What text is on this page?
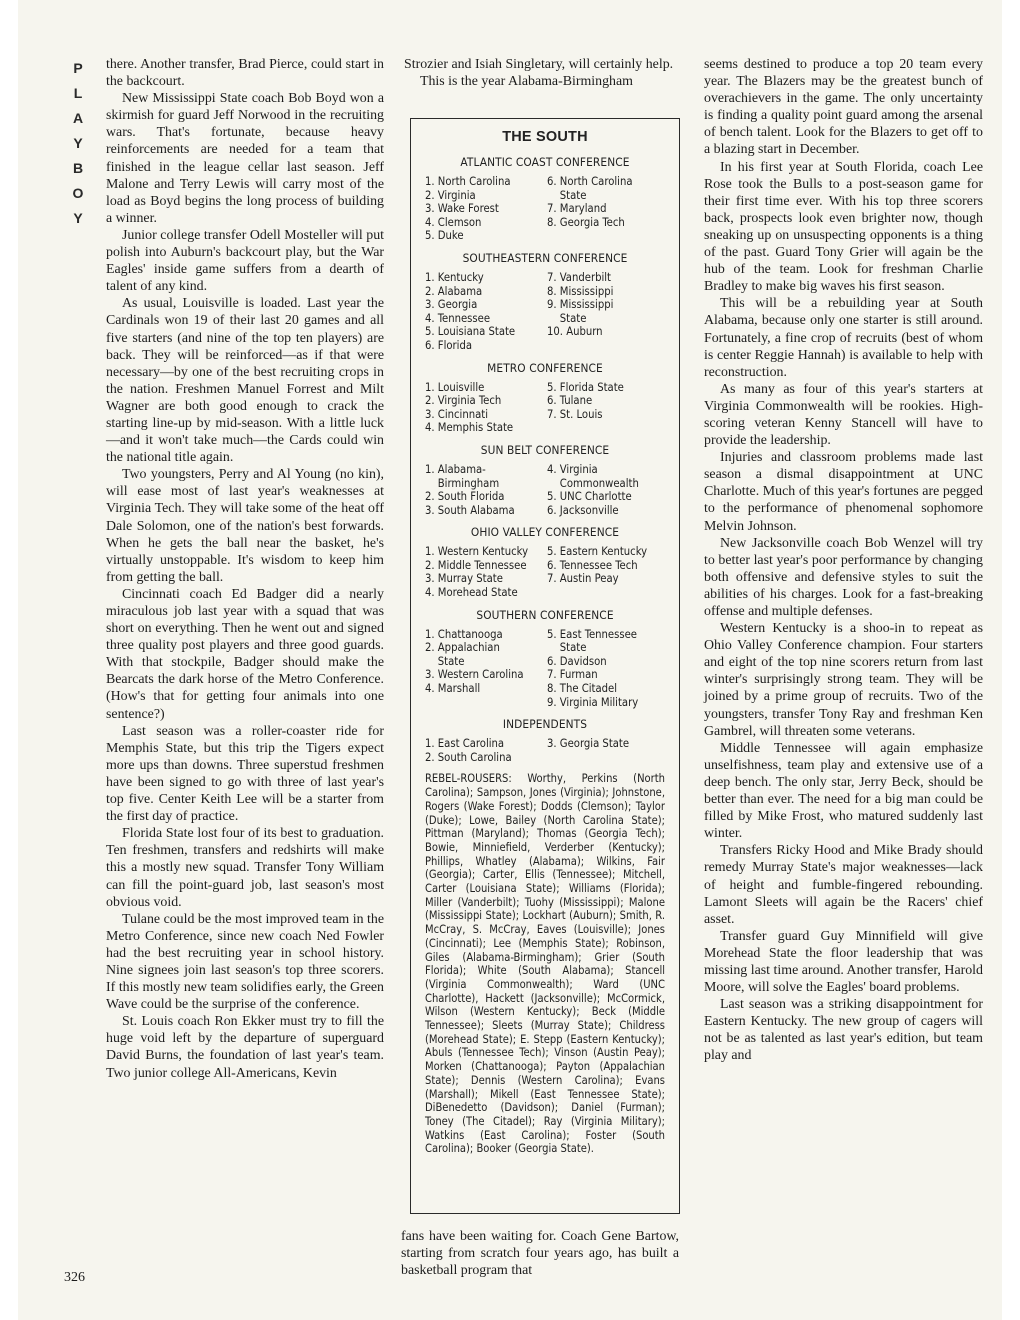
P
L
A
Y
B
O
Y

there. Another transfer, Brad Pierce, could start in the backcourt.

New Mississippi State coach Bob Boyd won a skirmish for guard Jeff Norwood in the recruiting wars. That's fortunate, because heavy reinforcements are needed for a team that finished in the league cellar last season. Jeff Malone and Terry Lewis will carry most of the load as Boyd begins the long process of building a winner.

Junior college transfer Odell Mosteller will put polish into Auburn's backcourt play, but the War Eagles' inside game suffers from a dearth of talent of any kind.

As usual, Louisville is loaded. Last year the Cardinals won 19 of their last 20 games and all five starters (and nine of the top ten players) are back. They will be reinforced—as if that were necessary—by one of the best recruiting crops in the nation. Freshmen Manuel Forrest and Milt Wagner are both good enough to crack the starting line-up by mid-season. With a little luck—and it won't take much—the Cards could win the national title again.

Two youngsters, Perry and Al Young (no kin), will ease most of last year's weaknesses at Virginia Tech. They will take some of the heat off Dale Solomon, one of the nation's best forwards. When he gets the ball near the basket, he's virtually unstoppable. It's wisdom to keep him from getting the ball.

Cincinnati coach Ed Badger did a nearly miraculous job last year with a squad that was short on everything. Then he went out and signed three quality post players and three good guards. With that stockpile, Badger should make the Bearcats the dark horse of the Metro Conference. (How's that for getting four animals into one sentence?)

Last season was a roller-coaster ride for Memphis State, but this trip the Tigers expect more ups than downs. Three superstud freshmen have been signed to go with three of last year's top five. Center Keith Lee will be a starter from the first day of practice.

Florida State lost four of its best to graduation. Ten freshmen, transfers and redshirts will make this a mostly new squad. Transfer Tony William can fill the point-guard job, last season's most obvious void.

Tulane could be the most improved team in the Metro Conference, since new coach Ned Fowler had the best recruiting year in school history. Nine signees join last season's top three scorers. If this mostly new team solidifies early, the Green Wave could be the surprise of the conference.

St. Louis coach Ron Ekker must try to fill the huge void left by the departure of superguard David Burns, the foundation of last year's team. Two junior college All-Americans, Kevin

Strozier and Isiah Singletary, will certainly help.

This is the year Alabama-Birmingham

seems destined to produce a top 20 team every year. The Blazers may be the greatest bunch of overachievers in the game. The only uncertainty is finding a quality point guard among the arsenal of bench talent. Look for the Blazers to get off to a blazing start in December.

In his first year at South Florida, coach Lee Rose took the Bulls to a post-season game for their first time ever. With his top three scorers back, prospects look even brighter now, though sneaking up on unsuspecting opponents is a thing of the past. Guard Tony Grier will again be the hub of the team. Look for freshman Charlie Bradley to make big waves his first season.

This will be a rebuilding year at South Alabama, because only one starter is still around. Fortunately, a fine crop of recruits (best of whom is center Reggie Hannah) is available to help with reconstruction.

As many as four of this year's starters at Virginia Commonwealth will be rookies. High-scoring veteran Kenny Stancell will have to provide the leadership.

Injuries and classroom problems made last season a dismal disappointment at UNC Charlotte. Much of this year's fortunes are pegged to the performance of phenomenal sophomore Melvin Johnson.

New Jacksonville coach Bob Wenzel will try to better last year's poor performance by changing both offensive and defensive styles to suit the abilities of his charges. Look for a fast-breaking offense and multiple defenses.

Western Kentucky is a shoo-in to repeat as Ohio Valley Conference champion. Four starters and eight of the top nine scorers return from last winter's surprisingly strong team. They will be joined by a prime group of recruits. Two of the youngsters, transfer Tony Ray and freshman Ken Gambrel, will threaten some veterans.

Middle Tennessee will again emphasize unselfishness, team play and extensive use of a deep bench. The only star, Jerry Beck, should be better than ever. The need for a big man could be filled by Mike Frost, who matured suddenly last winter.

Transfers Ricky Hood and Mike Brady should remedy Murray State's major weaknesses—lack of height and fumble-fingered rebounding. Lamont Sleets will again be the Racers' chief asset.

Transfer guard Guy Minnifield will give Morehead State the floor leadership that was missing last time around. Another transfer, Harold Moore, will solve the Eagles' board problems.

Last season was a striking disappointment for Eastern Kentucky. The new group of cagers will not be as talented as last year's edition, but team play and

THE SOUTH
ATLANTIC COAST CONFERENCE
1. North Carolina	6. North Carolina
2. Virginia	State
3. Wake Forest	7. Maryland
4. Clemson	8. Georgia Tech
5. Duke
SOUTHEASTERN CONFERENCE
1. Kentucky	7. Vanderbilt
2. Alabama	8. Mississippi
3. Georgia	9. Mississippi
4. Tennessee	State
5. Louisiana State	10. Auburn
6. Florida
METRO CONFERENCE
1. Louisville	5. Florida State
2. Virginia Tech	6. Tulane
3. Cincinnati	7. St. Louis
4. Memphis State
SUN BELT CONFERENCE
1. Alabama-	4. Virginia
Birmingham	Commonwealth
2. South Florida	5. UNC Charlotte
3. South Alabama	6. Jacksonville
OHIO VALLEY CONFERENCE
1. Western Kentucky	5. Eastern Kentucky
2. Middle Tennessee	6. Tennessee Tech
3. Murray State	7. Austin Peay
4. Morehead State
SOUTHERN CONFERENCE
1. Chattanooga	5. East Tennessee
2. Appalachian	State
State	6. Davidson
3. Western Carolina	7. Furman
4. Marshall	8. The Citadel
9. Virginia Military
INDEPENDENTS
1. East Carolina	3. Georgia State
2. South Carolina
REBEL-ROUSERS: Worthy, Perkins (North Carolina); Sampson, Jones (Virginia); Johnstone, Rogers (Wake Forest); Dodds (Clemson); Taylor (Duke); Lowe, Bailey (North Carolina State); Pittman (Maryland); Thomas (Georgia Tech); Bowie, Minniefield, Verderber (Kentucky); Phillips, Whatley (Alabama); Wilkins, Fair (Georgia); Carter, Ellis (Tennessee); Mitchell, Carter (Louisiana State); Williams (Florida); Miller (Vanderbilt); Tuohy (Mississippi); Malone (Mississippi State); Lockhart (Auburn); Smith, R. McCray, S. McCray, Eaves (Louisville); Jones (Cincinnati); Lee (Memphis State); Robinson, Giles (Alabama-Birmingham); Grier (South Florida); White (South Alabama); Stancell (Virginia Commonwealth); Ward (UNC Charlotte), Hackett (Jacksonville); McCormick, Wilson (Western Kentucky); Beck (Middle Tennessee); Sleets (Murray State); Childress (Morehead State); E. Stepp (Eastern Kentucky); Abuls (Tennessee Tech); Vinson (Austin Peay); Morken (Chattanooga); Payton (Appalachian State); Dennis (Western Carolina); Evans (Marshall); Mikell (East Tennessee State); DiBenedetto (Davidson); Daniel (Furman); Toney (The Citadel); Ray (Virginia Military); Watkins (East Carolina); Foster (South Carolina); Booker (Georgia State).

fans have been waiting for. Coach Gene Bartow, starting from scratch four years ago, has built a basketball program that

326
